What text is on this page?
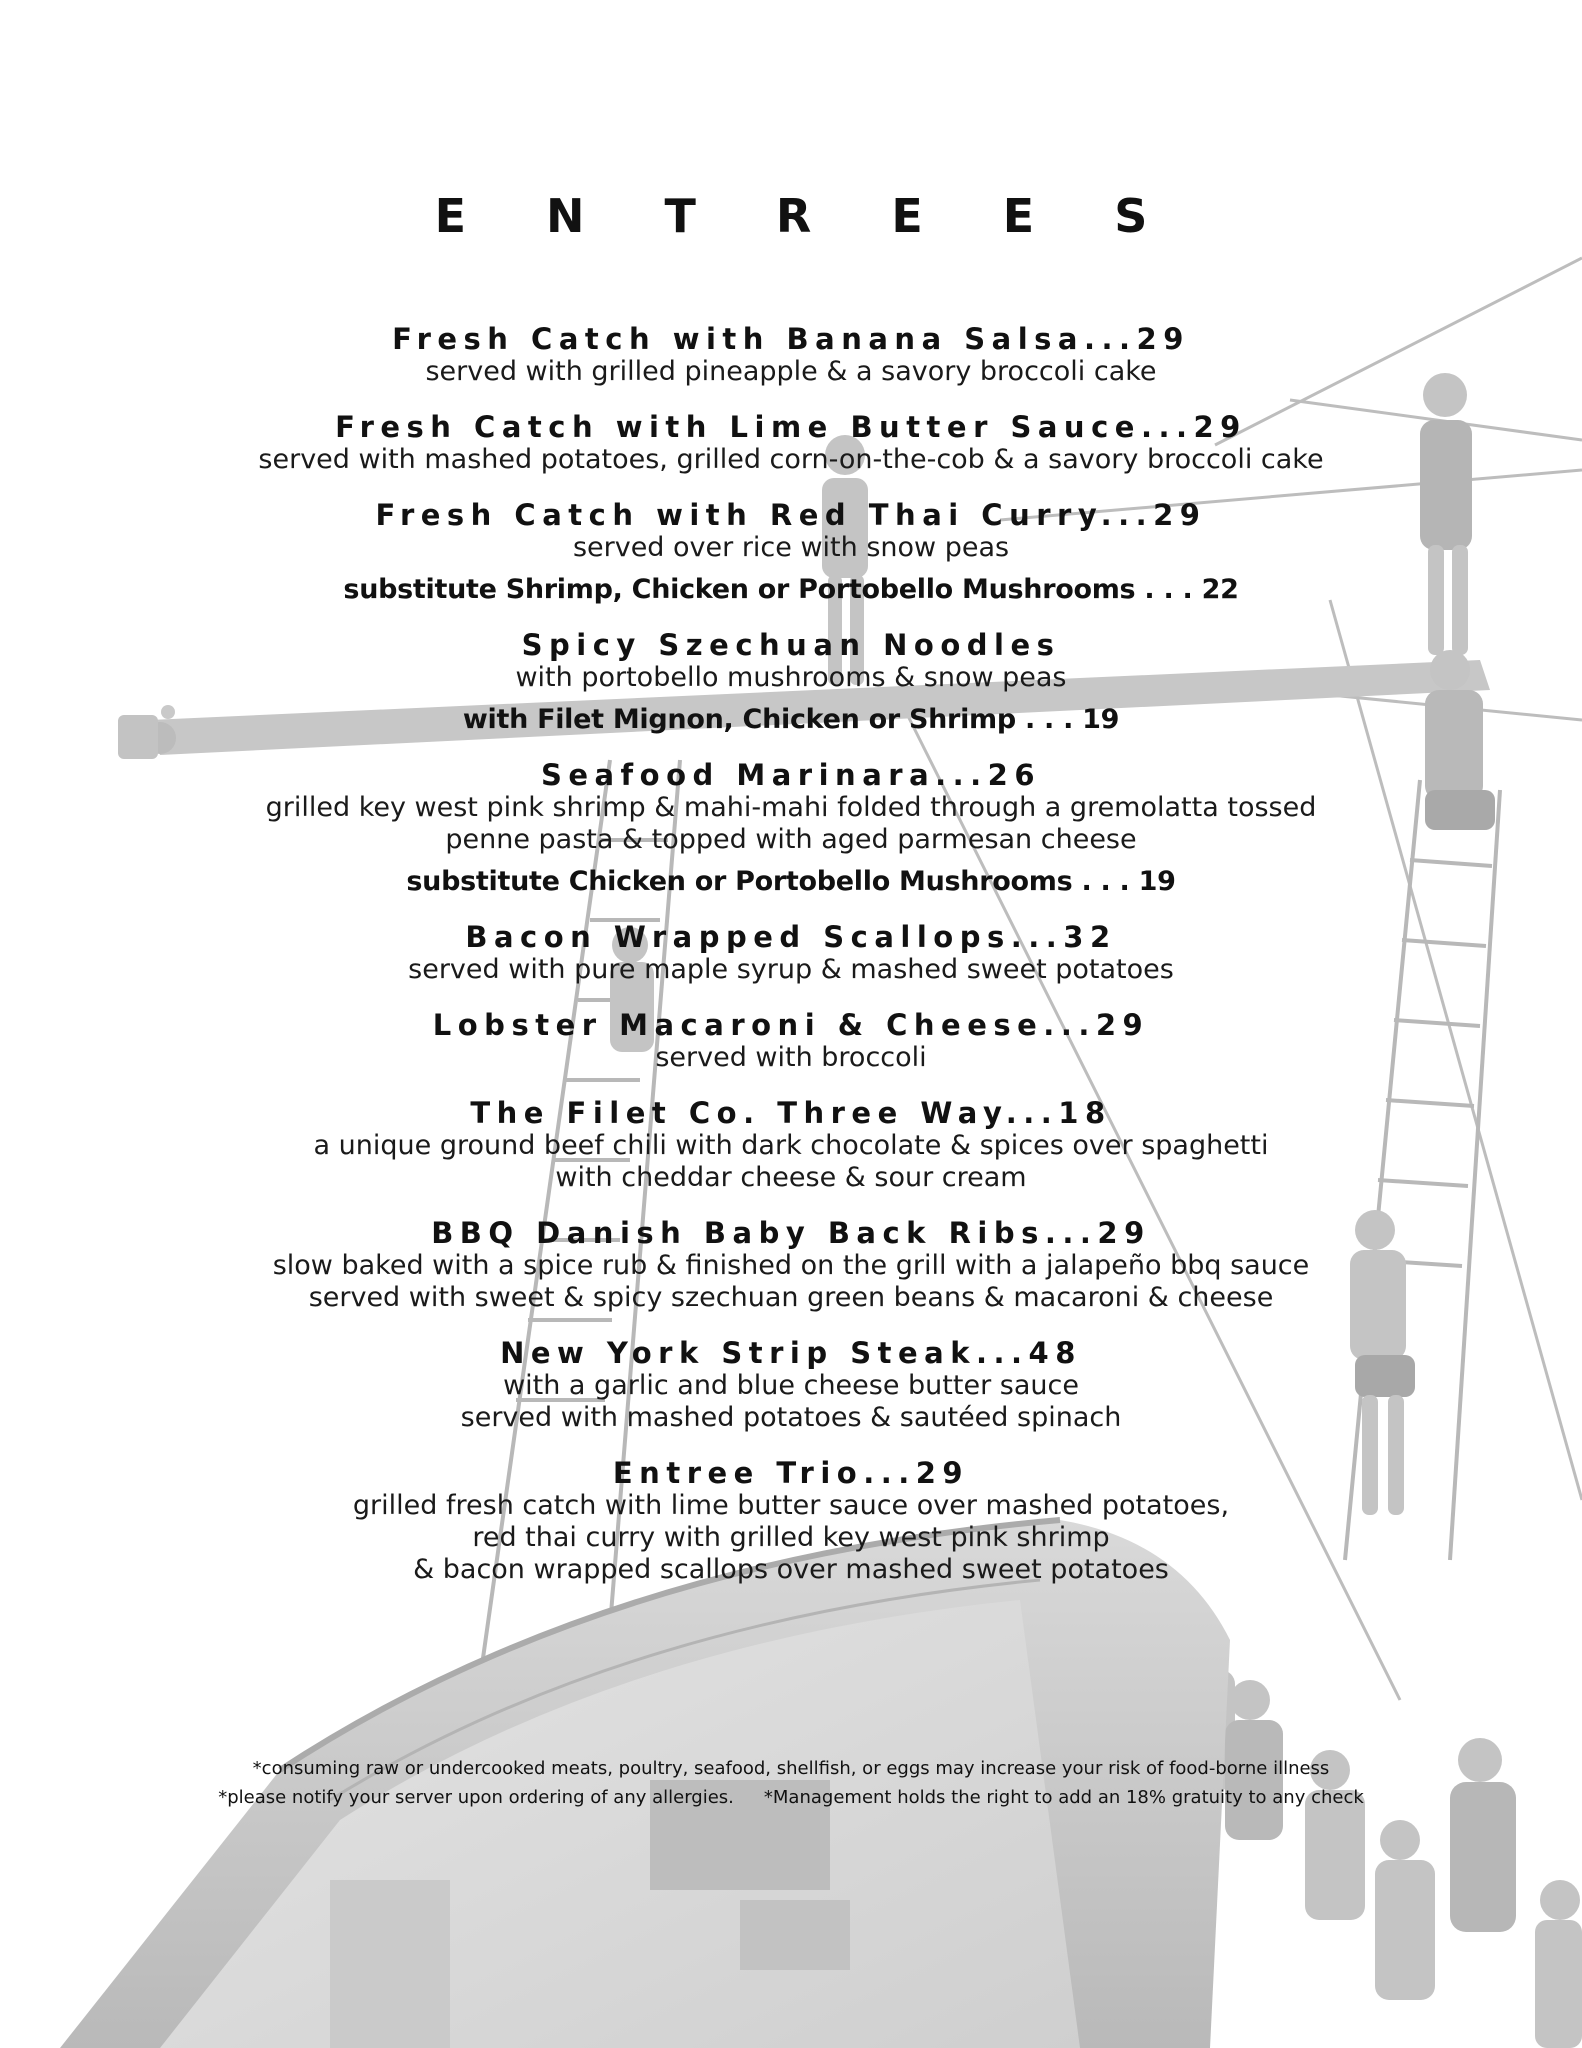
E N T R E E S
Fresh Catch with Banana Salsa...29
served with grilled pineapple & a savory broccoli cake
Fresh Catch with Lime Butter Sauce...29
served with mashed potatoes, grilled corn-on-the-cob & a savory broccoli cake
Fresh Catch with Red Thai Curry...29
served over rice with snow peas
substitute Shrimp, Chicken or Portobello Mushrooms . . . 22
Spicy Szechuan Noodles
with portobello mushrooms & snow peas
with Filet Mignon, Chicken or Shrimp . . . 19
Seafood Marinara...26
grilled key west pink shrimp & mahi-mahi folded through a gremolatta tossed
penne pasta & topped with aged parmesan cheese
substitute Chicken or Portobello Mushrooms . . . 19
Bacon Wrapped Scallops...32
served with pure maple syrup & mashed sweet potatoes
Lobster Macaroni & Cheese...29
served with broccoli
The Filet Co. Three Way...18
a unique ground beef chili with dark chocolate & spices over spaghetti
with cheddar cheese & sour cream
BBQ Danish Baby Back Ribs...29
slow baked with a spice rub & finished on the grill with a jalapeño bbq sauce
served with sweet & spicy szechuan green beans & macaroni & cheese
New York Strip Steak...48
with a garlic and blue cheese butter sauce
served with mashed potatoes & sautéed spinach
Entree Trio...29
grilled fresh catch with lime butter sauce over mashed potatoes,
red thai curry with grilled key west pink shrimp
& bacon wrapped scallops over mashed sweet potatoes
*consuming raw or undercooked meats, poultry, seafood, shellfish, or eggs may increase your risk of food-borne illness
*please notify your server upon ordering of any allergies. *Management holds the right to add an 18% gratuity to any check
